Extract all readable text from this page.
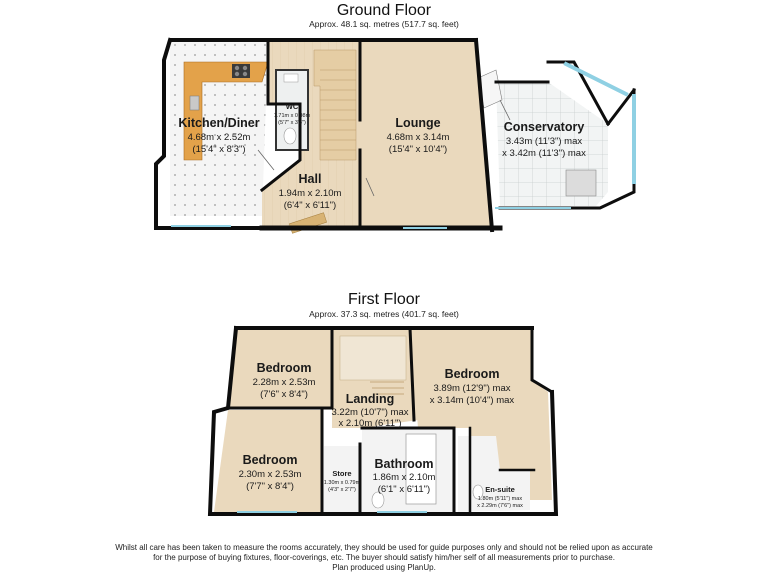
Ground Floor
Approx. 48.1 sq. metres (517.7 sq. feet)
First Floor
Approx. 37.3 sq. metres (401.7 sq. feet)
Kitchen/Diner
4.68m x 2.52m
(15'4" x 8'3")
WC
1.71m x 0.98m
(5'7" x 3'3")
Hall
1.94m x 2.10m
(6'4" x 6'11")
Lounge
4.68m x 3.14m
(15'4" x 10'4")
Conservatory
3.43m (11'3") max
x 3.42m (11'3") max
Bedroom
2.28m x 2.53m
(7'6" x 8'4")	Landing
3.22m (10'7") max
x 2.10m (6'11")
Bedroom
3.89m (12'9") max
x 3.14m (10'4") max
Bedroom
2.30m x 2.53m
(7'7" x 8'4")
Store
1.30m x 0.79m
(4'3" x 2'7")
Bathroom
1.86m x 2.10m
(6'1" x 6'11")	En-suite
1.80m (5'11") max
x 2.29m (7'6") max
Whilst all care has been taken to measure the rooms accurately, they should be used for guide purposes only and should not be relied upon as accurate
for the purpose of buying fixtures, floor-coverings, etc. The buyer should satisfy him/her self of all measurements prior to purchase.
Plan produced using PlanUp.
